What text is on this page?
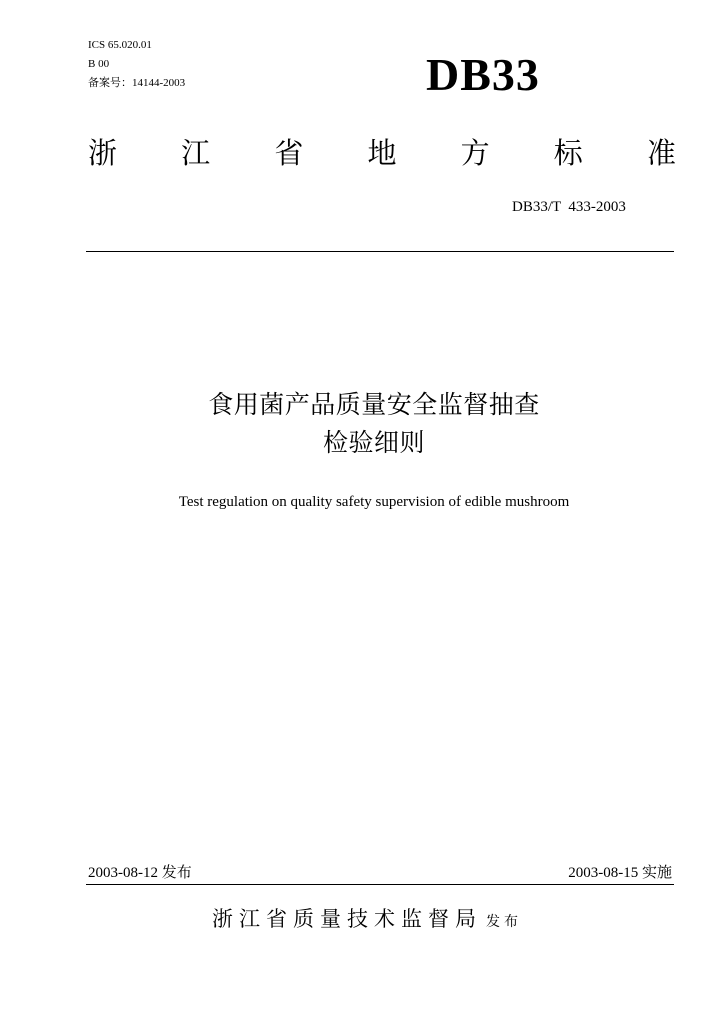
ICS 65.020.01
B 00
备案号：14144-2003	DB33
浙 江 省 地 方 标 准
DB33/T  433-2003
食用菌产品质量安全监督抽查
检验细则
Test regulation on quality safety supervision of edible mushroom
2003-08-12 发布	2003-08-15 实施
浙江省质量技术监督局 发布
